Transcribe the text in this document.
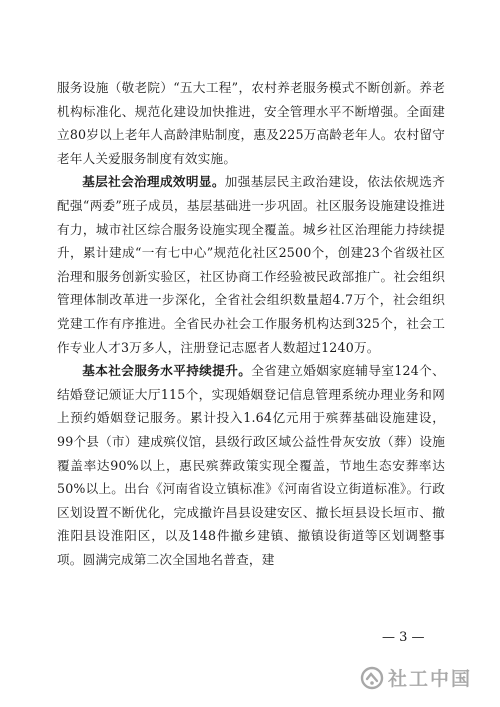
服务设施（敬老院）“五大工程”，农村养老服务模式不断创新。养老机构标准化、规范化建设加快推进，安全管理水平不断增强。全面建立80岁以上老年人高龄津贴制度，惠及225万高龄老年人。农村留守老年人关爱服务制度有效实施。

基层社会治理成效明显。加强基层民主政治建设，依法依规选齐配强“两委”班子成员，基层基础进一步巩固。社区服务设施建设推进有力，城市社区综合服务设施实现全覆盖。城乡社区治理能力持续提升，累计建成“一有七中心”规范化社区2500个，创建23个省级社区治理和服务创新实验区，社区协商工作经验被民政部推广。社会组织管理体制改革进一步深化，全省社会组织数量超4.7万个，社会组织党建工作有序推进。全省民办社会工作服务机构达到325个，社会工作专业人才3万多人，注册登记志愿者人数超过1240万。

基本社会服务水平持续提升。全省建立婚姻家庭辅导室124个、结婚登记颁证大厅115个，实现婚姻登记信息管理系统办理业务和网上预约婚姻登记服务。累计投入1.64亿元用于殡葬基础设施建设，99个县（市）建成殡仪馆，县级行政区域公益性骨灰安放（葬）设施覆盖率达90%以上，惠民殡葬政策实现全覆盖，节地生态安葬率达50%以上。出台《河南省设立镇标准》《河南省设立街道标准》。行政区划设置不断优化，完成撤许昌县设建安区、撤长垣县设长垣市、撤淮阳县设淮阳区，以及148件撤乡建镇、撤镇设街道等区划调整事项。圆满完成第二次全国地名普查，建

— 3 —
社工中国
